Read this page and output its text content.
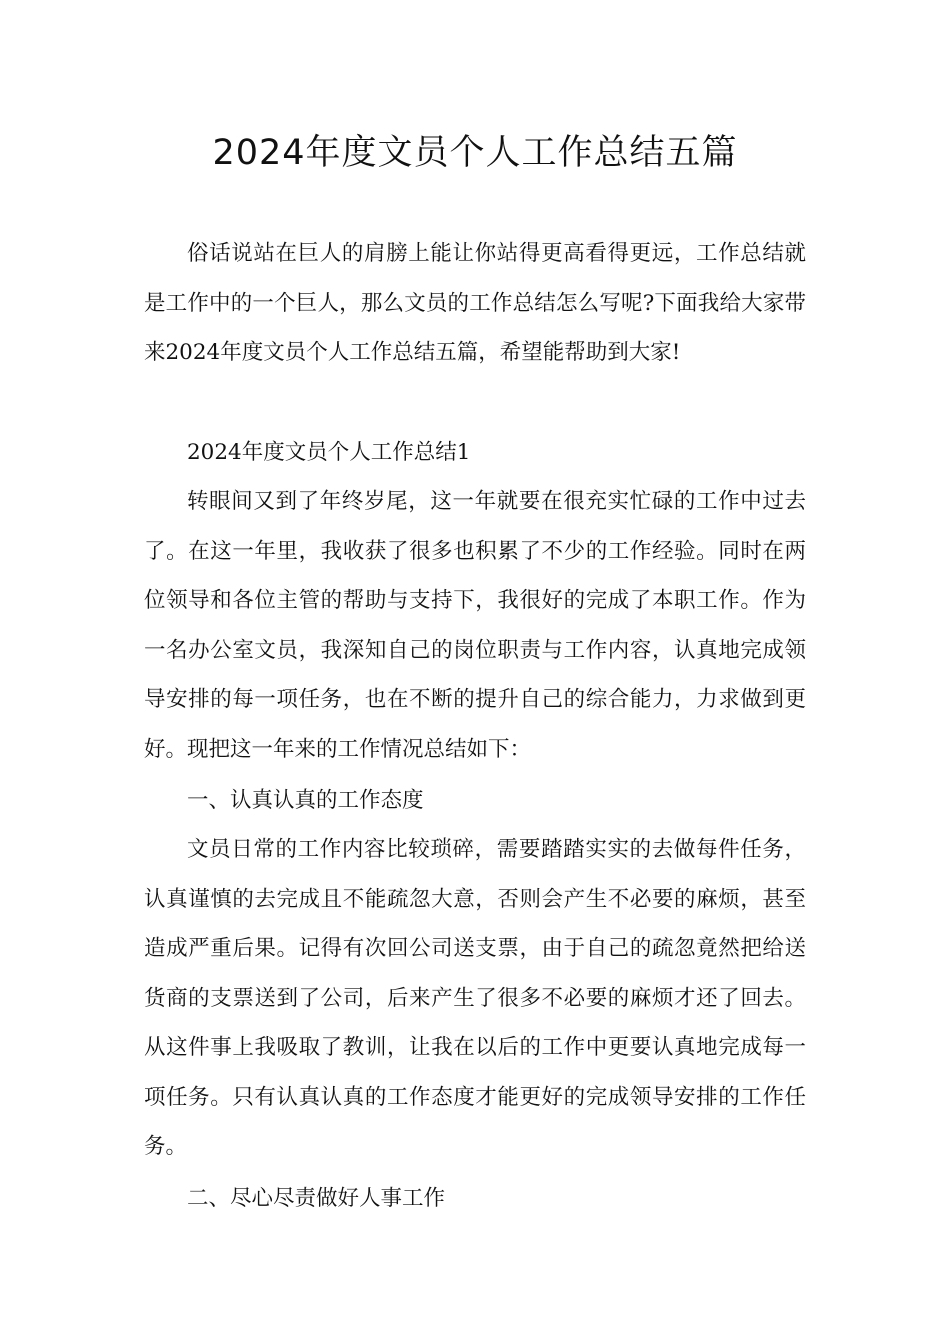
2024年度文员个人工作总结五篇

俗话说站在巨人的肩膀上能让你站得更高看得更远，工作总结就是工作中的一个巨人，那么文员的工作总结怎么写呢?下面我给大家带来2024年度文员个人工作总结五篇，希望能帮助到大家!

2024年度文员个人工作总结1

转眼间又到了年终岁尾，这一年就要在很充实忙碌的工作中过去了。在这一年里，我收获了很多也积累了不少的工作经验。同时在两位领导和各位主管的帮助与支持下，我很好的完成了本职工作。作为一名办公室文员，我深知自己的岗位职责与工作内容，认真地完成领导安排的每一项任务，也在不断的提升自己的综合能力，力求做到更好。现把这一年来的工作情况总结如下：

一、认真认真的工作态度

文员日常的工作内容比较琐碎，需要踏踏实实的去做每件任务，认真谨慎的去完成且不能疏忽大意，否则会产生不必要的麻烦，甚至造成严重后果。记得有次回公司送支票，由于自己的疏忽竟然把给送货商的支票送到了公司，后来产生了很多不必要的麻烦才还了回去。从这件事上我吸取了教训，让我在以后的工作中更要认真地完成每一项任务。只有认真认真的工作态度才能更好的完成领导安排的工作任务。

二、尽心尽责做好人事工作
